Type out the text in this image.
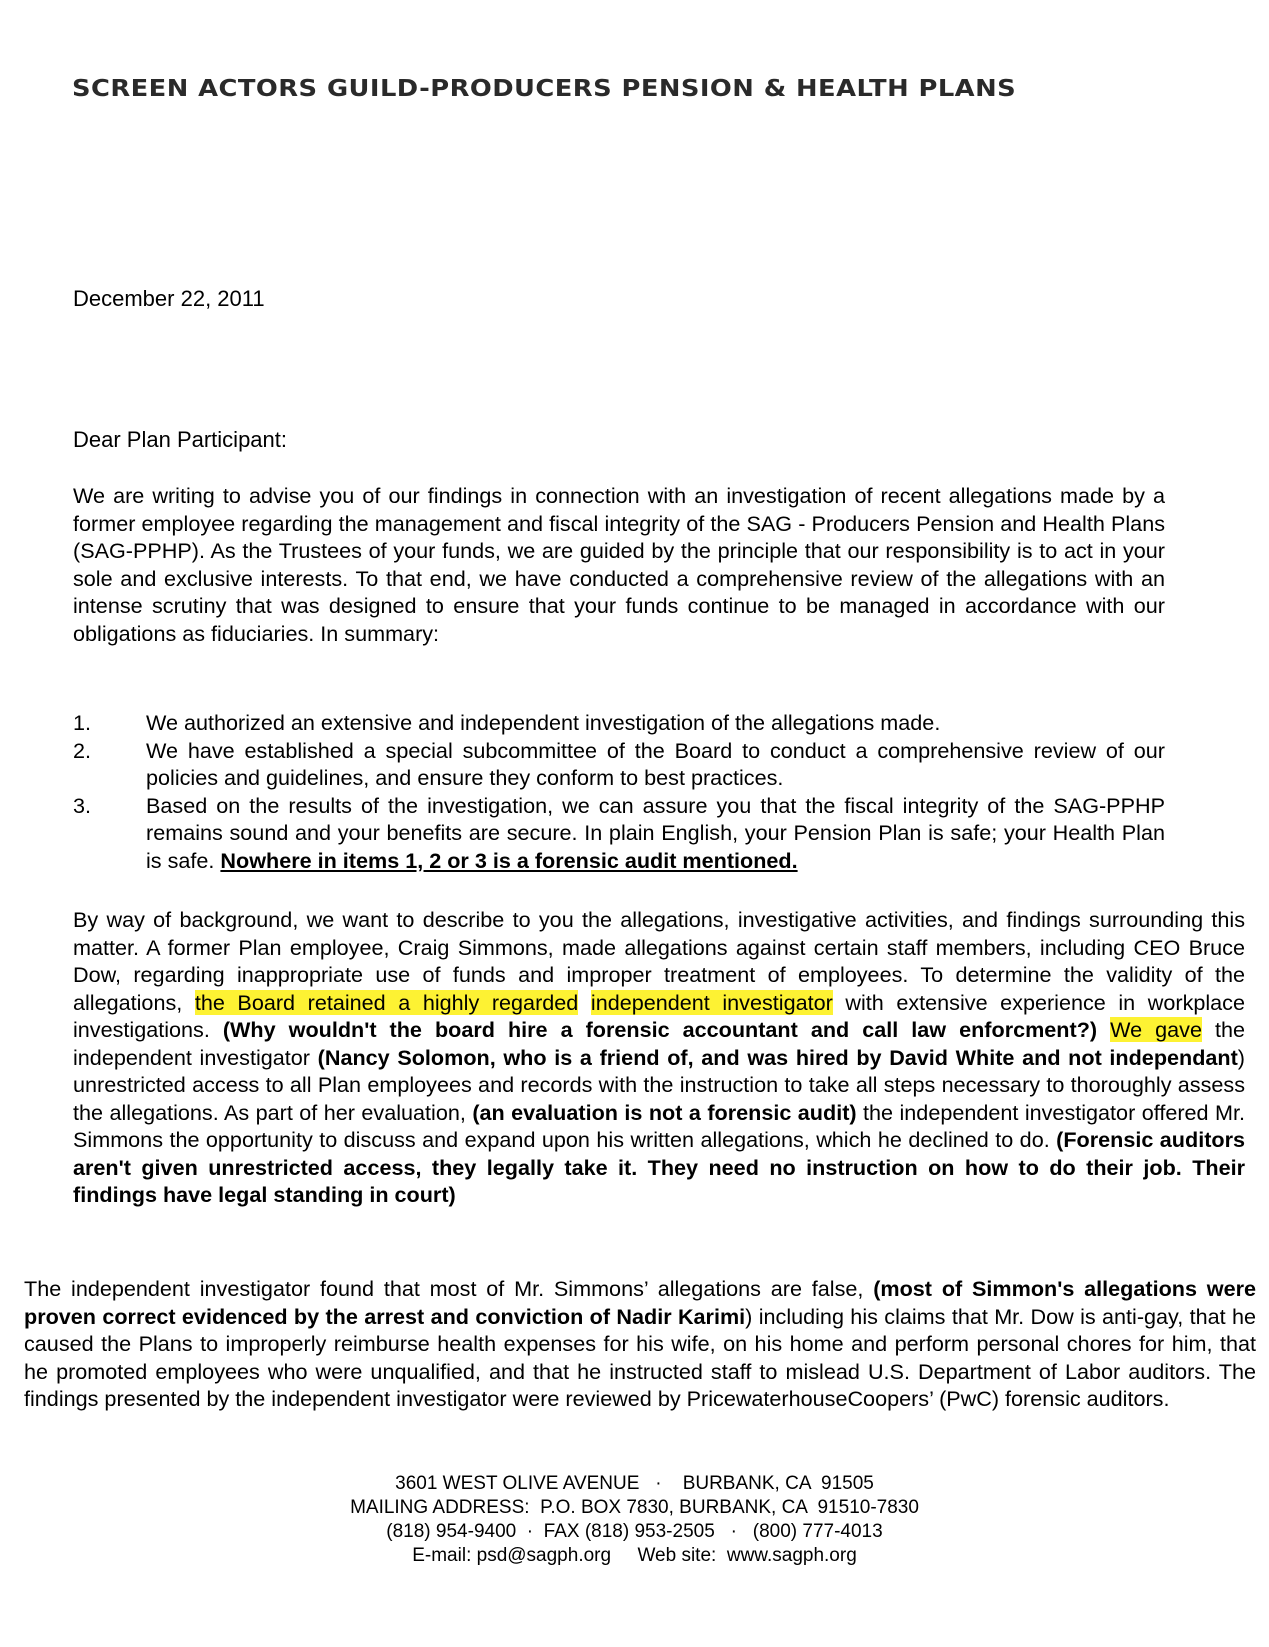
SCREEN ACTORS GUILD-PRODUCERS PENSION & HEALTH PLANS
December 22, 2011
Dear Plan Participant:

We are writing to advise you of our findings in connection with an investigation of recent allegations made by a former employee regarding the management and fiscal integrity of the SAG - Producers Pension and Health Plans (SAG-PPHP). As the Trustees of your funds, we are guided by the principle that our responsibility is to act in your sole and exclusive interests. To that end, we have conducted a comprehensive review of the allegations with an intense scrutiny that was designed to ensure that your funds continue to be managed in accordance with our obligations as fiduciaries. In summary:

1.	We authorized an extensive and independent investigation of the allegations made.
2.	We have established a special subcommittee of the Board to conduct a comprehensive review of our policies and guidelines, and ensure they conform to best practices.
3.	Based on the results of the investigation, we can assure you that the fiscal integrity of the SAG-PPHP remains sound and your benefits are secure. In plain English, your Pension Plan is safe; your Health Plan is safe. Nowhere in items 1, 2 or 3 is a forensic audit mentioned.

By way of background, we want to describe to you the allegations, investigative activities, and findings surrounding this matter. A former Plan employee, Craig Simmons, made allegations against certain staff members, including CEO Bruce Dow, regarding inappropriate use of funds and improper treatment of employees. To determine the validity of the allegations, the Board retained a highly regarded independent investigator with extensive experience in workplace investigations. (Why wouldn't the board hire a forensic accountant and call law enforcment?) We gave the independent investigator (Nancy Solomon, who is a friend of, and was hired by David White and not independant) unrestricted access to all Plan employees and records with the instruction to take all steps necessary to thoroughly assess the allegations. As part of her evaluation, (an evaluation is not a forensic audit) the independent investigator offered Mr. Simmons the opportunity to discuss and expand upon his written allegations, which he declined to do. (Forensic auditors aren't given unrestricted access, they legally take it. They need no instruction on how to do their job. Their findings have legal standing in court)

The independent investigator found that most of Mr. Simmons’ allegations are false, (most of Simmon's allegations were proven correct evidenced by the arrest and conviction of Nadir Karimi) including his claims that Mr. Dow is anti-gay, that he caused the Plans to improperly reimburse health expenses for his wife, on his home and perform personal chores for him, that he promoted employees who were unqualified, and that he instructed staff to mislead U.S. Department of Labor auditors. The findings presented by the independent investigator were reviewed by PricewaterhouseCoopers’ (PwC) forensic auditors.

3601 WEST OLIVE AVENUE   ·    BURBANK, CA  91505
MAILING ADDRESS:  P.O. BOX 7830, BURBANK, CA  91510-7830
(818) 954-9400  ·  FAX (818) 953-2505   ·   (800) 777-4013
E-mail: psd@sagph.org     Web site:  www.sagph.org
